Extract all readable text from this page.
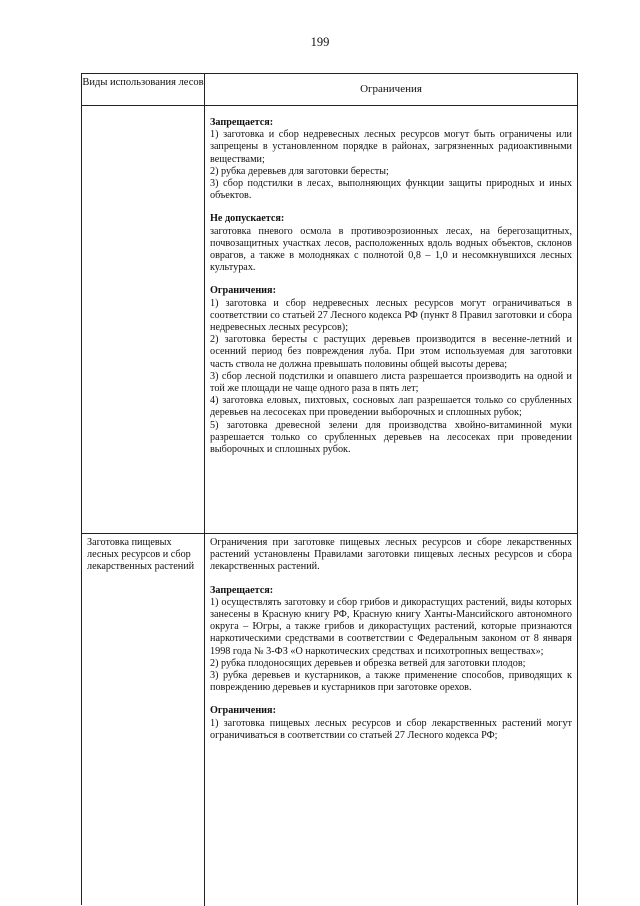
199
Виды использования лесов
Ограничения
Запрещается:

1) заготовка и сбор недревесных лесных ресурсов могут быть ограничены или запрещены в установленном порядке в районах, загрязненных радиоактивными веществами;

2) рубка деревьев для заготовки бересты;

3) сбор подстилки в лесах, выполняющих функции защиты природных и иных объектов.

Не допускается:

заготовка пневого осмола в противоэрозионных лесах, на берегозащитных, почвозащитных участках лесов, расположенных вдоль водных объектов, склонов оврагов, а также в молодняках с полнотой 0,8 – 1,0 и несомкнувшихся лесных культурах.

Ограничения:

1) заготовка и сбор недревесных лесных ресурсов могут ограничиваться в соответствии со статьей 27 Лесного кодекса РФ (пункт 8 Правил заготовки и сбора недревесных лесных ресурсов);

2) заготовка бересты с растущих деревьев производится в весенне-летний и осенний период без повреждения луба. При этом используемая для заготовки часть ствола не должна превышать половины общей высоты дерева;

3) сбор лесной подстилки и опавшего листа разрешается производить на одной и той же площади не чаще одного раза в пять лет;

4) заготовка еловых, пихтовых, сосновых лап разрешается только со срубленных деревьев на лесосеках при проведении выборочных и сплошных рубок;

5) заготовка древесной зелени для производства хвойно-витаминной муки разрешается только со срубленных деревьев на лесосеках при проведении выборочных и сплошных рубок.

Заготовка пищевых лесных ресурсов и сбор лекарственных растений

Ограничения при заготовке пищевых лесных ресурсов и сборе лекарственных растений установлены Правилами заготовки пищевых лесных ресурсов и сбора лекарственных растений.

Запрещается:

1) осуществлять заготовку и сбор грибов и дикорастущих растений, виды которых занесены в Красную книгу РФ, Красную книгу Ханты-Мансийского автономного округа – Югры, а также грибов и дикорастущих растений, которые признаются наркотическими средствами в соответствии с Федеральным законом от 8 января 1998 года № 3-ФЗ «О наркотических средствах и психотропных веществах»;

2) рубка плодоносящих деревьев и обрезка ветвей для заготовки плодов;

3) рубка деревьев и кустарников, а также применение способов, приводящих к повреждению деревьев и кустарников при заготовке орехов.

Ограничения:

1) заготовка пищевых лесных ресурсов и сбор лекарственных растений могут ограничиваться в соответствии со статьей 27 Лесного кодекса РФ;
